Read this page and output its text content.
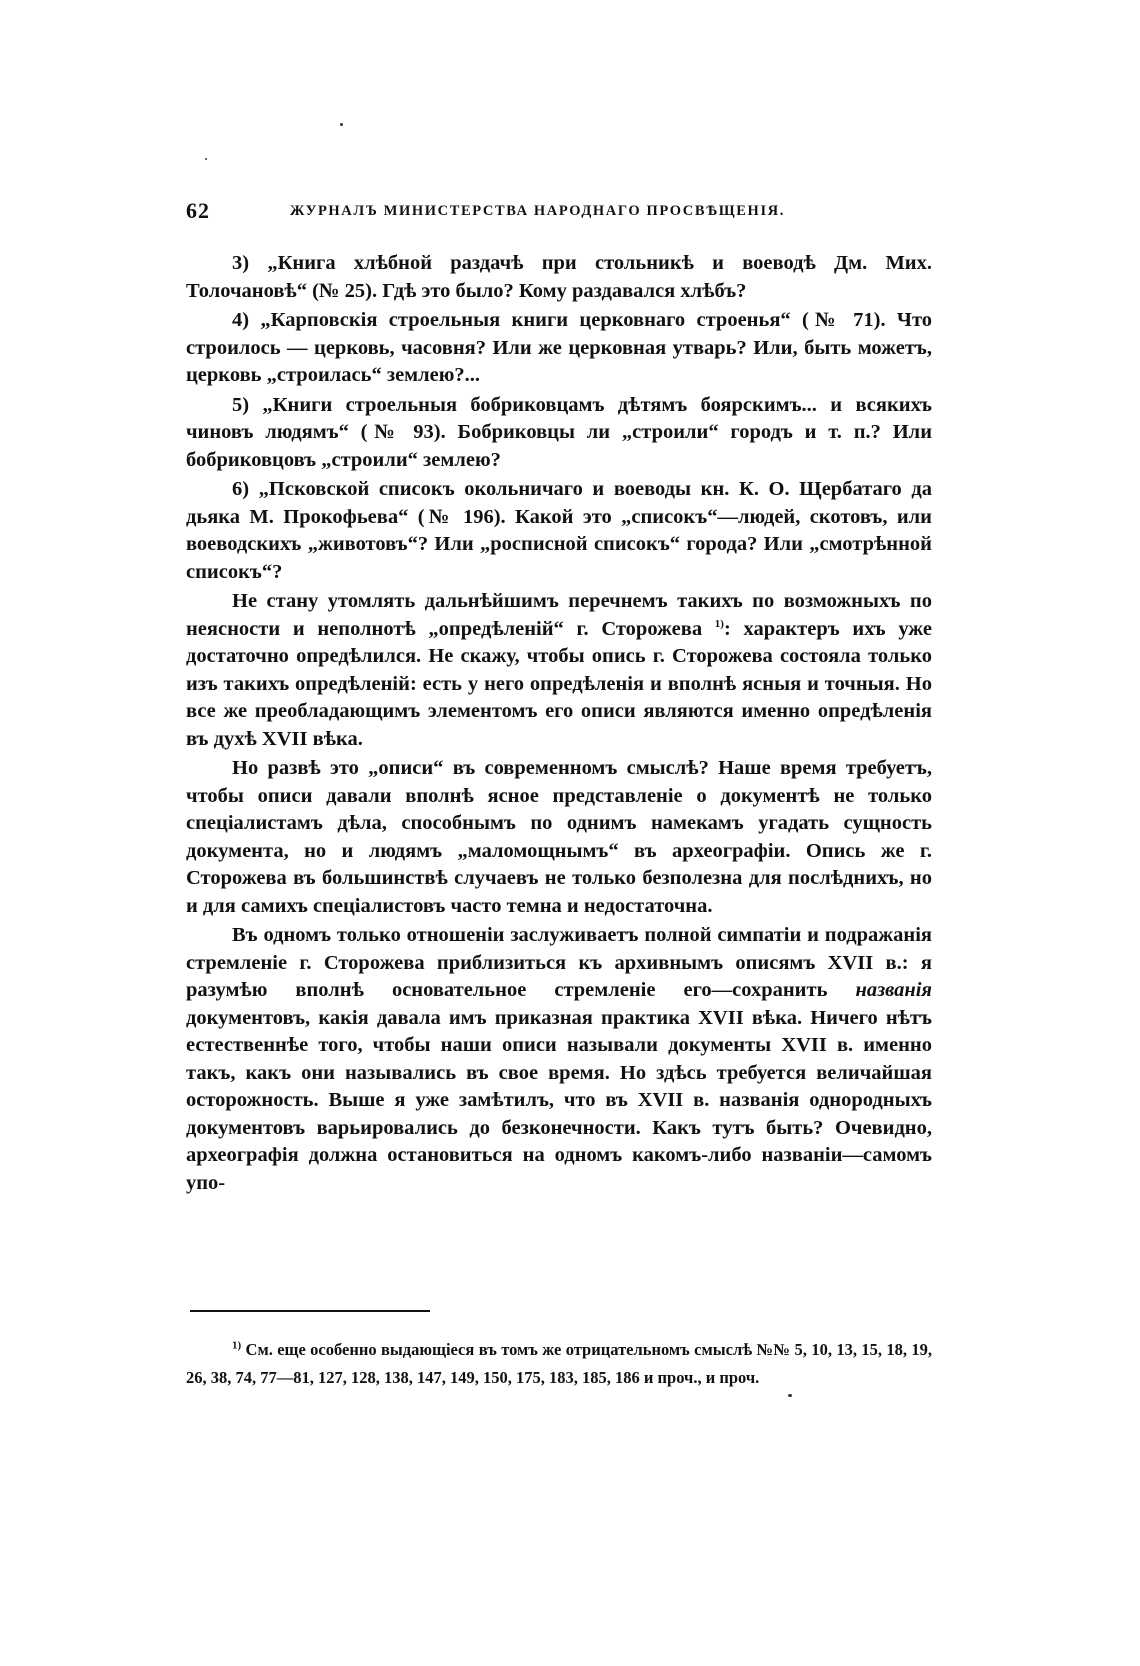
62	ЖУРНАЛЪ МИНИСТЕРСТВА НАРОДНАГО ПРОСВѢЩЕНІЯ.

3) „Книга хлѣбной раздачѣ при стольникѣ и воеводѣ Дм. Мих. Толочановѣ“ (№ 25). Гдѣ это было? Кому раздавался хлѣбъ?

4) „Карповскія строельныя книги церковнаго строенья“ (№ 71). Что строилось — церковь, часовня? Или же церковная утварь? Или, быть можетъ, церковь „строилась“ землею?...

5) „Книги строельныя бобриковцамъ дѣтямъ боярскимъ... и всякихъ чиновъ людямъ“ (№ 93). Бобриковцы ли „строили“ городъ и т. п.? Или бобриковцовъ „строили“ землею?

6) „Псковской списокъ окольничаго и воеводы кн. К. О. Щербатаго да дьяка М. Прокофьева“ (№ 196). Какой это „списокъ“—людей, скотовъ, или воеводскихъ „животовъ“? Или „росписной списокъ“ города? Или „смотрѣнной списокъ“?

Не стану утомлять дальнѣйшимъ перечнемъ такихъ по возможныхъ по неясности и неполнотѣ „опредѣленій“ г. Сторожева $^{1)}$: характеръ ихъ уже достаточно опредѣлился. Не скажу, чтобы опись г. Сторожева состояла только изъ такихъ опредѣленій: есть у него опредѣленія и вполнѣ ясныя и точныя. Но все же преобладающимъ элементомъ его описи являются именно опредѣленія въ духѣ XVII вѣка.

Но развѣ это „описи“ въ современномъ смыслѣ? Наше время требуетъ, чтобы описи давали вполнѣ ясное представленіе о документѣ не только спеціалистамъ дѣла, способнымъ по однимъ намекамъ угадать сущность документа, но и людямъ „маломощнымъ“ въ археографіи. Опись же г. Сторожева въ большинствѣ случаевъ не только безполезна для послѣднихъ, но и для самихъ спеціалистовъ часто темна и недостаточна.

Въ одномъ только отношеніи заслуживаетъ полной симпатіи и подражанія стремленіе г. Сторожева приблизиться къ архивнымъ описямъ XVII в.: я разумѣю вполнѣ основательное стремленіе его—сохранить названія документовъ, какія давала имъ приказная практика XVII вѣка. Ничего нѣтъ естественнѣе того, чтобы наши описи называли документы XVII в. именно такъ, какъ они назывались въ свое время. Но здѣсь требуется величайшая осторожность. Выше я уже замѣтилъ, что въ XVII в. названія однородныхъ документовъ варьировались до безконечности. Какъ тутъ быть? Очевидно, археографія должна остановиться на одномъ какомъ-либо названіи—самомъ упо-

$^{1)}$ См. еще особенно выдающіеся въ томъ же отрицательномъ смыслѣ №№ 5, 10, 13, 15, 18, 19, 26, 38, 74, 77—81, 127, 128, 138, 147, 149, 150, 175, 183, 185, 186 и проч., и проч.
